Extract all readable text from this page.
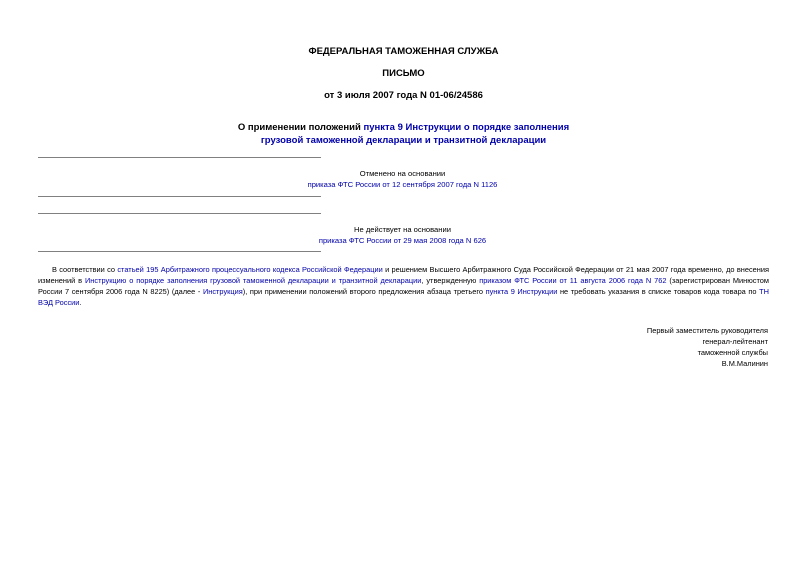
ФЕДЕРАЛЬНАЯ ТАМОЖЕННАЯ СЛУЖБА
ПИСЬМО
от 3 июля 2007 года N 01-06/24586
О применении положений пункта 9 Инструкции о порядке заполнения
грузовой таможенной декларации и транзитной декларации
Отменено на основании
приказа ФТС России от 12 сентября 2007 года N 1126
Не действует на основании
приказа ФТС России от 29 мая 2008 года N 626

В соответствии со статьей 195 Арбитражного процессуального кодекса Российской Федерации и решением Высшего Арбитражного Суда Российской Федерации от 21 мая 2007 года временно, до внесения изменений в Инструкцию о порядке заполнения грузовой таможенной декларации и транзитной декларации, утвержденную приказом ФТС России от 11 августа 2006 года N 762 (зарегистрирован Минюстом России 7 сентября 2006 года N 8225) (далее - Инструкция), при применении положений второго предложения абзаца третьего пункта 9 Инструкции не требовать указания в списке товаров кода товара по ТН ВЭД России.

Первый заместитель руководителя
генерал-лейтенант
таможенной службы
В.М.Малинин
